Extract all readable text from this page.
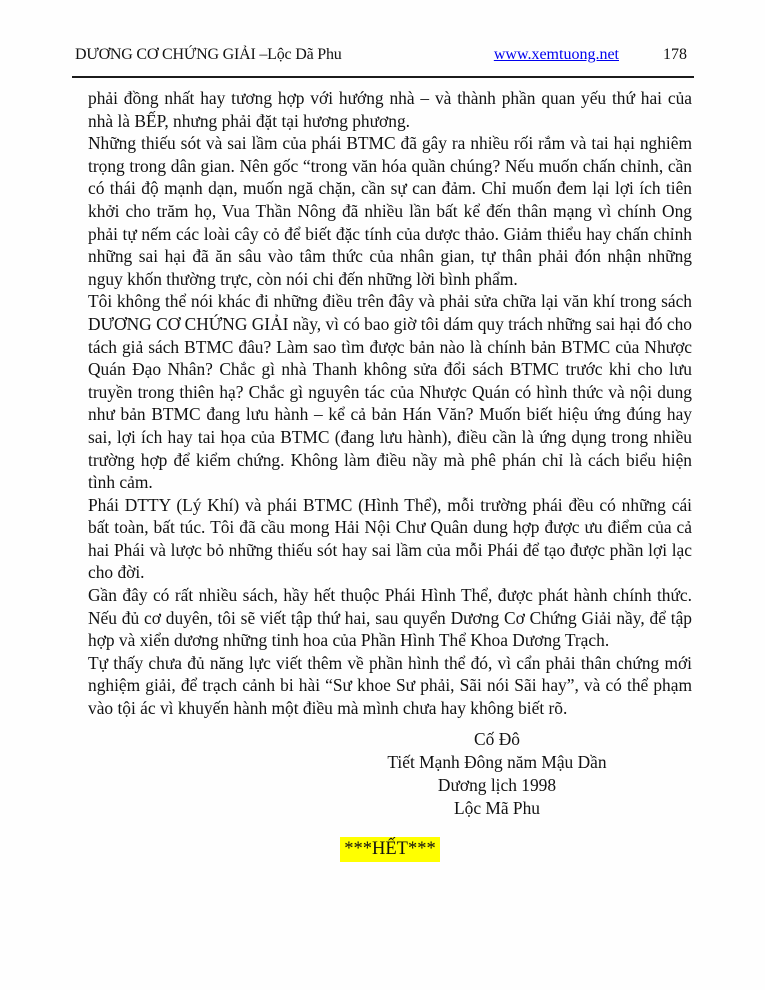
DƯƠNG CƠ CHỨNG GIẢI –Lộc Dã Phu	www.xemtuong.net	178

phải đồng nhất hay tương hợp với hướng nhà – và thành phần quan yếu thứ hai của nhà là BẾP, nhưng phải đặt tại hương phương.

Những thiếu sót và sai lầm của phái BTMC đã gây ra nhiều rối rắm và tai hại nghiêm trọng trong dân gian. Nên gốc “trong văn hóa quần chúng? Nếu muốn chấn chỉnh, cần có thái độ mạnh dạn, muốn ngă chặn, cần sự can đảm. Chỉ muốn đem lại lợi ích tiên khởi cho trăm họ, Vua Thần Nông đã nhiều lần bất kể đến thân mạng vì chính Ong phải tự nếm các loài cây cỏ để biết đặc tính của dược thảo. Giảm thiểu hay chấn chỉnh những sai hại đã ăn sâu vào tâm thức của nhân gian, tự thân phải đón nhận những nguy khốn thường trực, còn nói chi đến những lời bình phẩm.

Tôi không thể nói khác đi những điều trên đây và phải sửa chữa lại văn khí trong sách DƯƠNG CƠ CHỨNG GIẢI nầy, vì có bao giờ tôi dám quy trách những sai hại đó cho tách giả sách BTMC đâu? Làm sao tìm được bản nào là chính bản BTMC của Nhược Quán Đạo Nhân? Chắc gì nhà Thanh không sửa đổi sách BTMC trước khi cho lưu truyền trong thiên hạ? Chắc gì nguyên tác của Nhược Quán có hình thức và nội dung như bản BTMC đang lưu hành – kể cả bản Hán Văn? Muốn biết hiệu ứng đúng hay sai, lợi ích hay tai họa của BTMC (đang lưu hành), điều cần là ứng dụng trong nhiều trường hợp để kiểm chứng. Không làm điều nầy mà phê phán chỉ là cách biểu hiện tình cảm.

Phái DTTY (Lý Khí) và phái BTMC (Hình Thể), mỗi trường phái đều có những cái bất toàn, bất túc. Tôi đã cầu mong Hải Nội Chư Quân dung hợp được ưu điểm của cả hai Phái và lược bỏ những thiếu sót hay sai lầm của mỗi Phái để tạo được phần lợi lạc cho đời.

Gần đây có rất nhiều sách, hầy hết thuộc Phái Hình Thể, được phát hành chính thức. Nếu đủ cơ duyên, tôi sẽ viết tập thứ hai, sau quyển Dương Cơ Chứng Giải nầy, để tập hợp và xiển dương những tinh hoa của Phần Hình Thể Khoa Dương Trạch.

Tự thấy chưa đủ năng lực viết thêm về phần hình thể đó, vì cẩn phải thân chứng mới nghiệm giải, để trạch cảnh bi hài “Sư khoe Sư phải, Sãi nói Sãi hay”, và có thể phạm vào tội ác vì khuyến hành một điều mà mình chưa hay không biết rõ.

Cố Đô

Tiết Mạnh Đông năm Mậu Dần

Dương lịch 1998

Lộc Mã Phu

***HẾT***
